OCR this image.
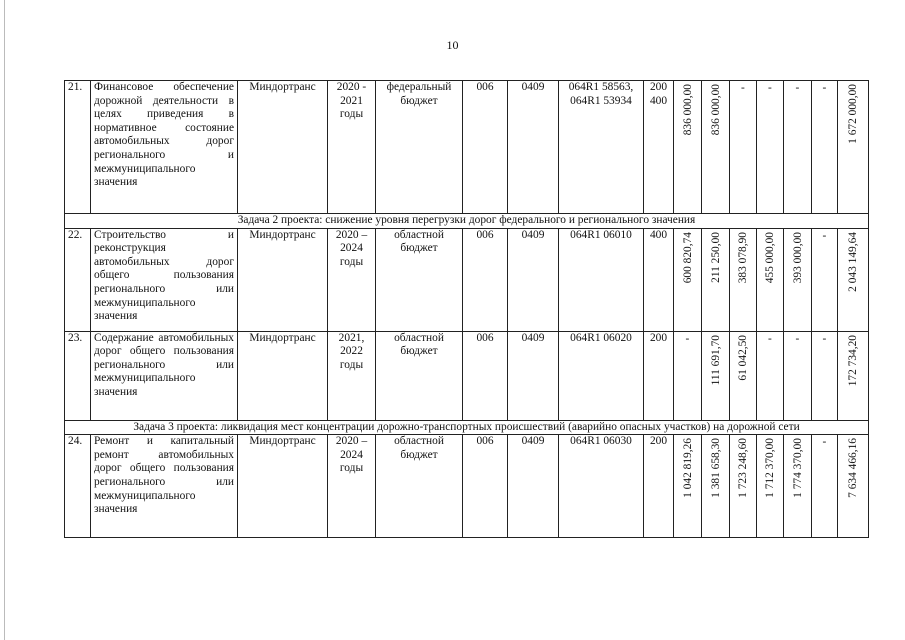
10
21.	Финансовое обеспечение дорожной деятельности в целях приведения в нормативное состояние автомобильных дорог регионального и межмуниципального значения	Миндортранс	2020 - 2021 годы	федеральный бюджет	006	0409	064R1 58563, 064R1 53934	200 400	836 000,00	836 000,00	-	-	-	-	1 672 000,00

Задача 2 проекта: снижение уровня перегрузки дорог федерального и регионального значения															
22.	Строительство и реконструкция автомобильных дорог общего пользования регионального или межмуниципального значения	Миндортранс	2020 – 2024 годы	областной бюджет	006	0409	064R1 06010	400	600 820,74	211 250,00	383 078,90	455 000,00	393 000,00	-	2 043 149,64

23.	Содержание автомобильных дорог общего пользования регионального или межмуниципального значения	Миндортранс	2021, 2022 годы	областной бюджет	006	0409	064R1 06020	200	-	111 691,70	61 042,50	-	-	-	172 734,20

Задача 3 проекта: ликвидация мест концентрации дорожно-транспортных происшествий (аварийно опасных участков) на дорожной сети															
24.	Ремонт и капитальный ремонт автомобильных дорог общего пользования регионального или межмуниципального значения	Миндортранс	2020 – 2024 годы	областной бюджет	006	0409	064R1 06030	200	1 042 819,26	1 381 658,30	1 723 248,60	1 712 370,00	1 774 370,00	-	7 634 466,16
